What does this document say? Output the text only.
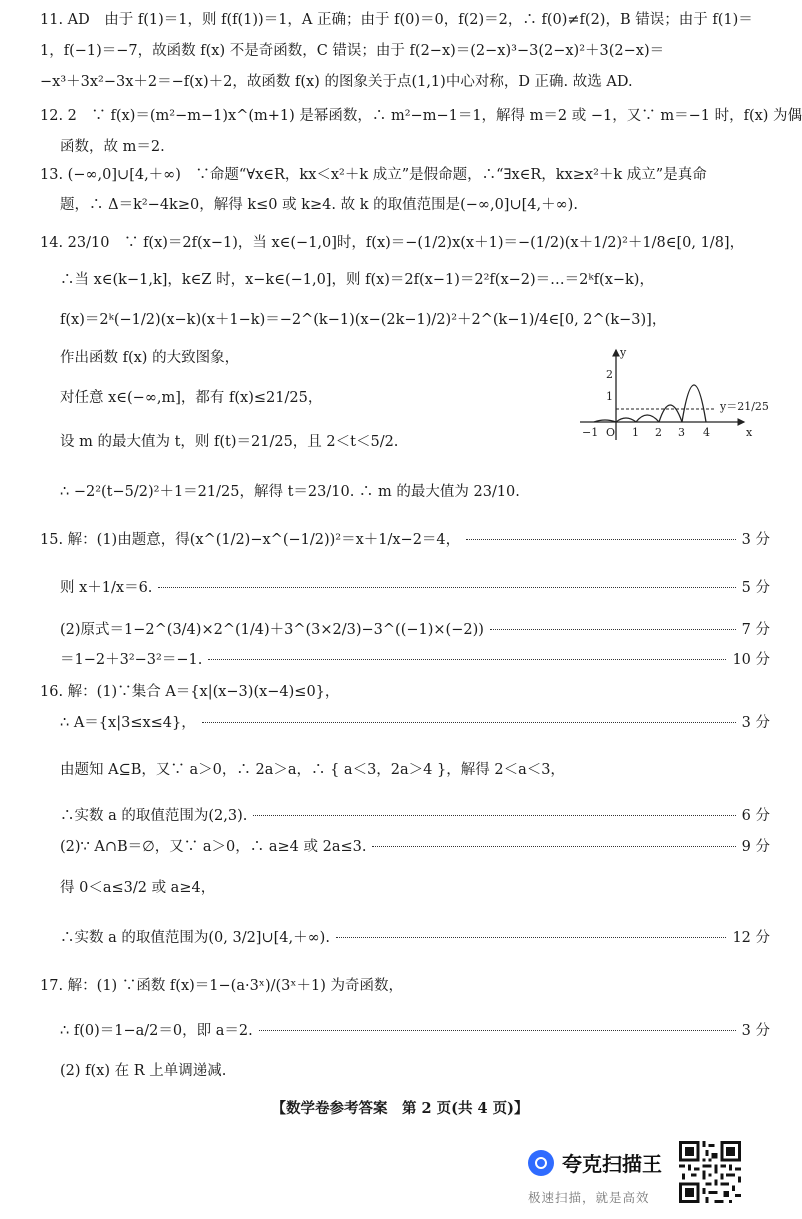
11. AD　由于 f(1)＝1，则 f(f(1))＝1，A 正确；由于 f(0)＝0，f(2)＝2，∴ f(0)≠f(2)，B 错误；由于 f(1)＝
1，f(−1)＝−7，故函数 f(x) 不是奇函数，C 错误；由于 f(2−x)＝(2−x)³−3(2−x)²＋3(2−x)＝
−x³＋3x²−3x＋2＝−f(x)＋2，故函数 f(x) 的图象关于点(1,1)中心对称，D 正确. 故选 AD.
12. 2　∵ f(x)＝(m²−m−1)x^(m+1) 是幂函数，∴ m²−m−1＝1，解得 m＝2 或 −1，又∵ m＝−1 时，f(x) 为偶
函数，故 m＝2.
13. (−∞,0]∪[4,＋∞)　∵命题“∀x∈R，kx＜x²＋k 成立”是假命题，∴“∃x∈R，kx≥x²＋k 成立”是真命
题，∴ Δ＝k²−4k≥0，解得 k≤0 或 k≥4. 故 k 的取值范围是(−∞,0]∪[4,＋∞).
14. 23/10　∵ f(x)＝2f(x−1)，当 x∈(−1,0]时，f(x)＝−(1/2)x(x＋1)＝−(1/2)(x＋1/2)²＋1/8∈[0, 1/8]，
∴当 x∈(k−1,k]，k∈Z 时，x−k∈(−1,0]，则 f(x)＝2f(x−1)＝2²f(x−2)＝…＝2ᵏf(x−k)，
f(x)＝2ᵏ(−1/2)(x−k)(x＋1−k)＝−2^(k−1)(x−(2k−1)/2)²＋2^(k−1)/4∈[0, 2^(k−3)]，
作出函数 f(x) 的大致图象，
对任意 x∈(−∞,m]，都有 f(x)≤21/25，
设 m 的最大值为 t，则 f(t)＝21/25，且 2＜t＜5/2.
∴ −2²(t−5/2)²＋1＝21/25，解得 t＝23/10. ∴ m 的最大值为 23/10.
y
x
O
−1	1 2 3 4
1
2
y＝21/25
15. 解：(1)由题意，得(x^(1/2)−x^(−1/2))²＝x＋1/x−2＝4，	3 分
则 x＋1/x＝6.	5 分
(2)原式＝1−2^(3/4)×2^(1/4)＋3^(3×2/3)−3^((−1)×(−2))	7 分
＝1−2＋3²−3²＝−1.	10 分
16. 解：(1)∵集合 A＝{x|(x−3)(x−4)≤0}，
∴ A＝{x|3≤x≤4}，	3 分
由题知 A⊆B，又∵ a＞0，∴ 2a＞a，∴ { a＜3，2a＞4 }，解得 2＜a＜3，
∴实数 a 的取值范围为(2,3).	6 分
(2)∵ A∩B＝∅，又∵ a＞0，∴ a≥4 或 2a≤3.	9 分
得 0＜a≤3/2 或 a≥4，
∴实数 a 的取值范围为(0, 3/2]∪[4,＋∞).	12 分
17. 解：(1) ∵函数 f(x)＝1−(a·3ˣ)/(3ˣ＋1) 为奇函数，
∴ f(0)＝1−a/2＝0，即 a＝2.	3 分
(2) f(x) 在 R 上单调递减.
【数学卷参考答案　第 2 页(共 4 页)】
夸克扫描王
极速扫描，就是高效
